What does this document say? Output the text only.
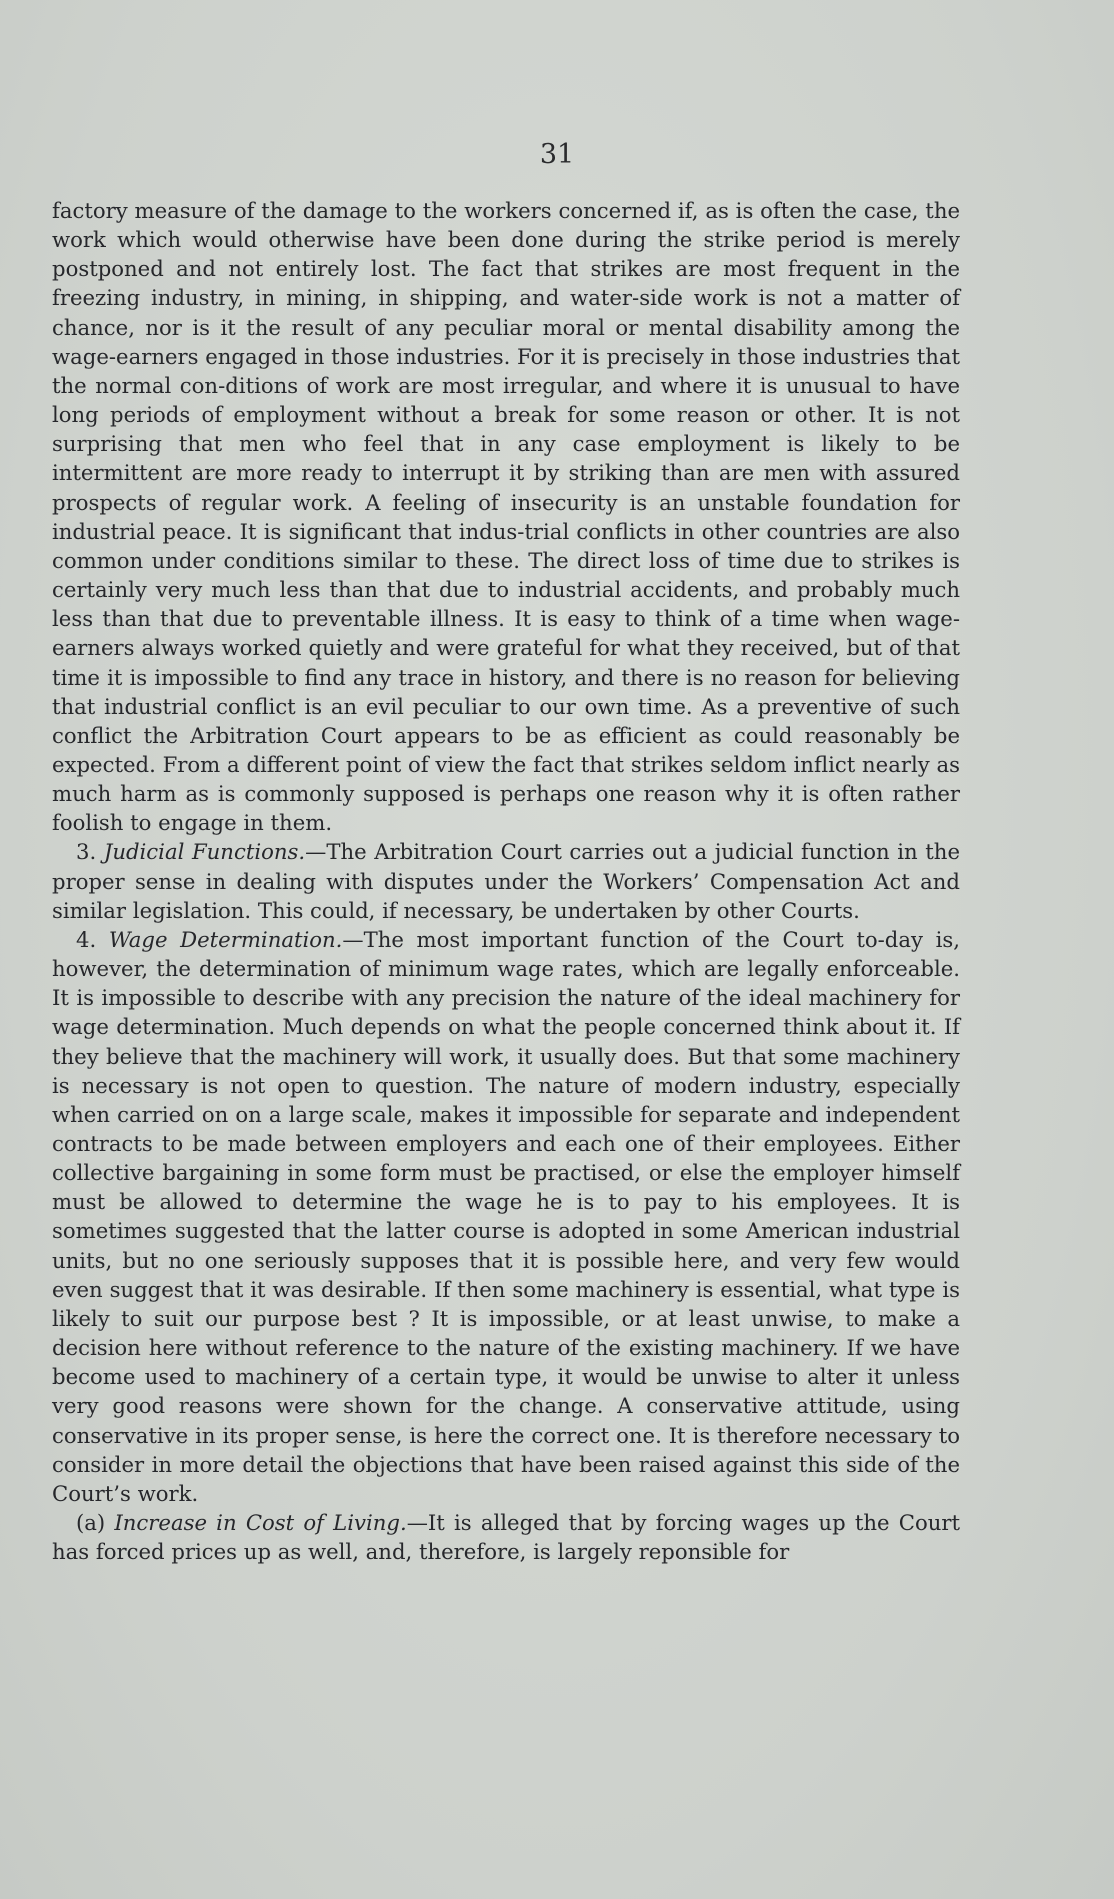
31

factory measure of the damage to the workers concerned if, as is often the case, the work which would otherwise have been done during the strike period is merely postponed and not entirely lost. The fact that strikes are most frequent in the freezing industry, in mining, in shipping, and water-side work is not a matter of chance, nor is it the result of any peculiar moral or mental disability among the wage-earners engaged in those industries. For it is precisely in those industries that the normal con-ditions of work are most irregular, and where it is unusual to have long periods of employment without a break for some reason or other. It is not surprising that men who feel that in any case employment is likely to be intermittent are more ready to interrupt it by striking than are men with assured prospects of regular work. A feeling of insecurity is an unstable foundation for industrial peace. It is significant that indus-trial conflicts in other countries are also common under conditions similar to these. The direct loss of time due to strikes is certainly very much less than that due to industrial accidents, and probably much less than that due to preventable illness. It is easy to think of a time when wage-earners always worked quietly and were grateful for what they received, but of that time it is impossible to find any trace in history, and there is no reason for believing that industrial conflict is an evil peculiar to our own time. As a preventive of such conflict the Arbitration Court appears to be as efficient as could reasonably be expected. From a different point of view the fact that strikes seldom inflict nearly as much harm as is commonly supposed is perhaps one reason why it is often rather foolish to engage in them.

3. Judicial Functions.—The Arbitration Court carries out a judicial function in the proper sense in dealing with disputes under the Workers’ Compensation Act and similar legislation. This could, if necessary, be undertaken by other Courts.

4. Wage Determination.—The most important function of the Court to-day is, however, the determination of minimum wage rates, which are legally enforceable. It is impossible to describe with any precision the nature of the ideal machinery for wage determination. Much depends on what the people concerned think about it. If they believe that the machinery will work, it usually does. But that some machinery is necessary is not open to question. The nature of modern industry, especially when carried on on a large scale, makes it impossible for separate and independent contracts to be made between employers and each one of their employees. Either collective bargaining in some form must be practised, or else the employer himself must be allowed to determine the wage he is to pay to his employees. It is sometimes suggested that the latter course is adopted in some American industrial units, but no one seriously supposes that it is possible here, and very few would even suggest that it was desirable. If then some machinery is essential, what type is likely to suit our purpose best ? It is impossible, or at least unwise, to make a decision here without reference to the nature of the existing machinery. If we have become used to machinery of a certain type, it would be unwise to alter it unless very good reasons were shown for the change. A conservative attitude, using conservative in its proper sense, is here the correct one. It is therefore necessary to consider in more detail the objections that have been raised against this side of the Court’s work.

(a) Increase in Cost of Living.—It is alleged that by forcing wages up the Court has forced prices up as well, and, therefore, is largely reponsible for
